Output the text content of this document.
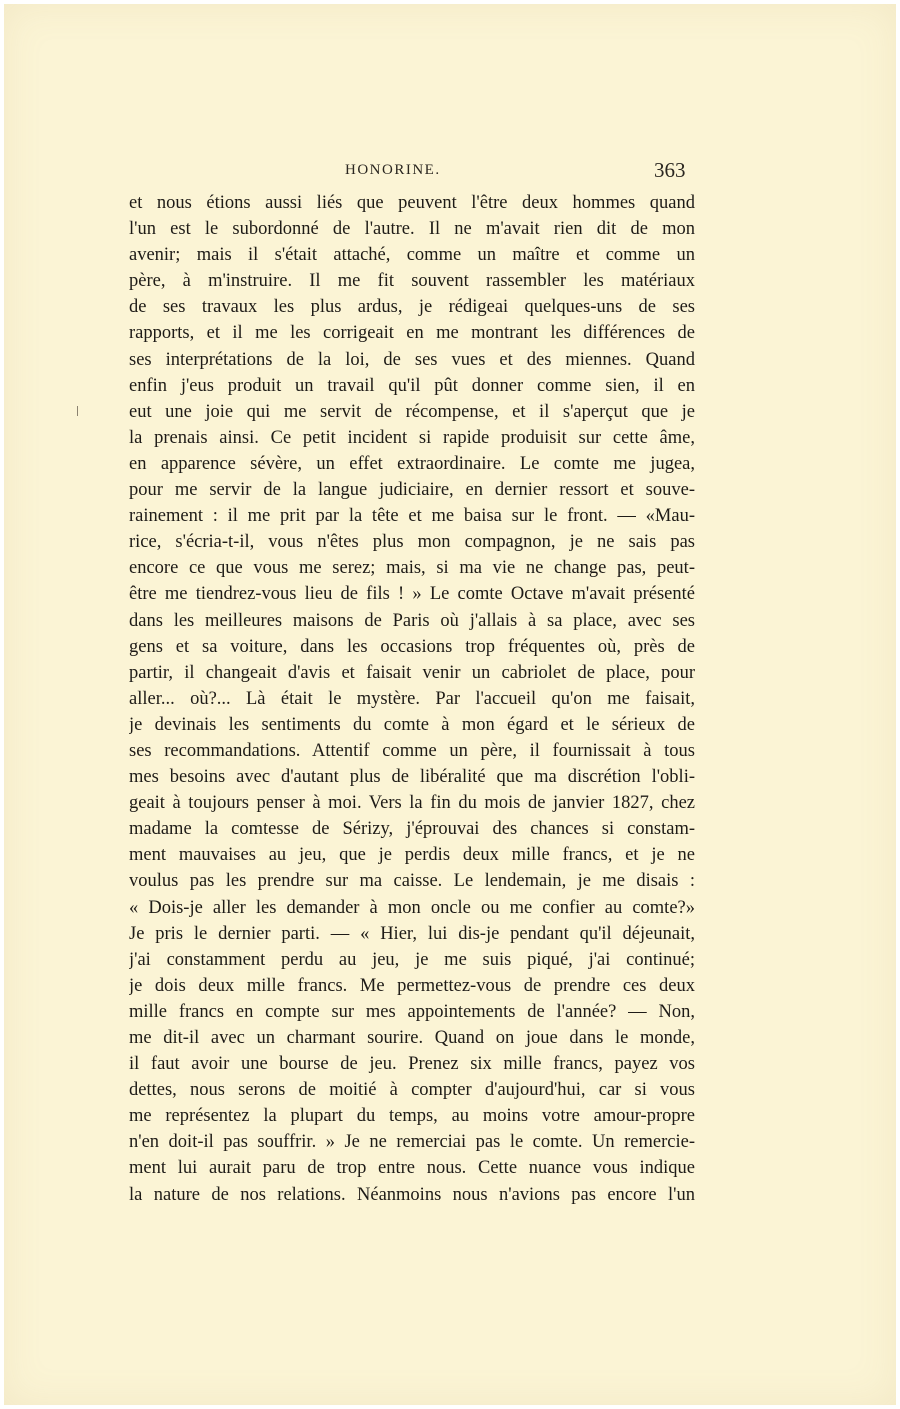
HONORINE.	363
et nous étions aussi liés que peuvent l'être deux hommes quand
l'un est le subordonné de l'autre. Il ne m'avait rien dit de mon
avenir; mais il s'était attaché, comme un maître et comme un
père, à m'instruire. Il me fit souvent rassembler les matériaux
de ses travaux les plus ardus, je rédigeai quelques-uns de ses
rapports, et il me les corrigeait en me montrant les différences de
ses interprétations de la loi, de ses vues et des miennes. Quand
enfin j'eus produit un travail qu'il pût donner comme sien, il en
eut une joie qui me servit de récompense, et il s'aperçut que je
la prenais ainsi. Ce petit incident si rapide produisit sur cette âme,
en apparence sévère, un effet extraordinaire. Le comte me jugea,
pour me servir de la langue judiciaire, en dernier ressort et souve-
rainement : il me prit par la tête et me baisa sur le front. — «Mau-
rice, s'écria-t-il, vous n'êtes plus mon compagnon, je ne sais pas
encore ce que vous me serez; mais, si ma vie ne change pas, peut-
être me tiendrez-vous lieu de fils ! » Le comte Octave m'avait présenté
dans les meilleures maisons de Paris où j'allais à sa place, avec ses
gens et sa voiture, dans les occasions trop fréquentes où, près de
partir, il changeait d'avis et faisait venir un cabriolet de place, pour
aller... où?... Là était le mystère. Par l'accueil qu'on me faisait,
je devinais les sentiments du comte à mon égard et le sérieux de
ses recommandations. Attentif comme un père, il fournissait à tous
mes besoins avec d'autant plus de libéralité que ma discrétion l'obli-
geait à toujours penser à moi. Vers la fin du mois de janvier 1827, chez
madame la comtesse de Sérizy, j'éprouvai des chances si constam-
ment mauvaises au jeu, que je perdis deux mille francs, et je ne
voulus pas les prendre sur ma caisse. Le lendemain, je me disais :
« Dois-je aller les demander à mon oncle ou me confier au comte?»
Je pris le dernier parti. — « Hier, lui dis-je pendant qu'il déjeunait,
j'ai constamment perdu au jeu, je me suis piqué, j'ai continué;
je dois deux mille francs. Me permettez-vous de prendre ces deux
mille francs en compte sur mes appointements de l'année? — Non,
me dit-il avec un charmant sourire. Quand on joue dans le monde,
il faut avoir une bourse de jeu. Prenez six mille francs, payez vos
dettes, nous serons de moitié à compter d'aujourd'hui, car si vous
me représentez la plupart du temps, au moins votre amour-propre
n'en doit-il pas souffrir. » Je ne remerciai pas le comte. Un remercie-
ment lui aurait paru de trop entre nous. Cette nuance vous indique
la nature de nos relations. Néanmoins nous n'avions pas encore l'un
